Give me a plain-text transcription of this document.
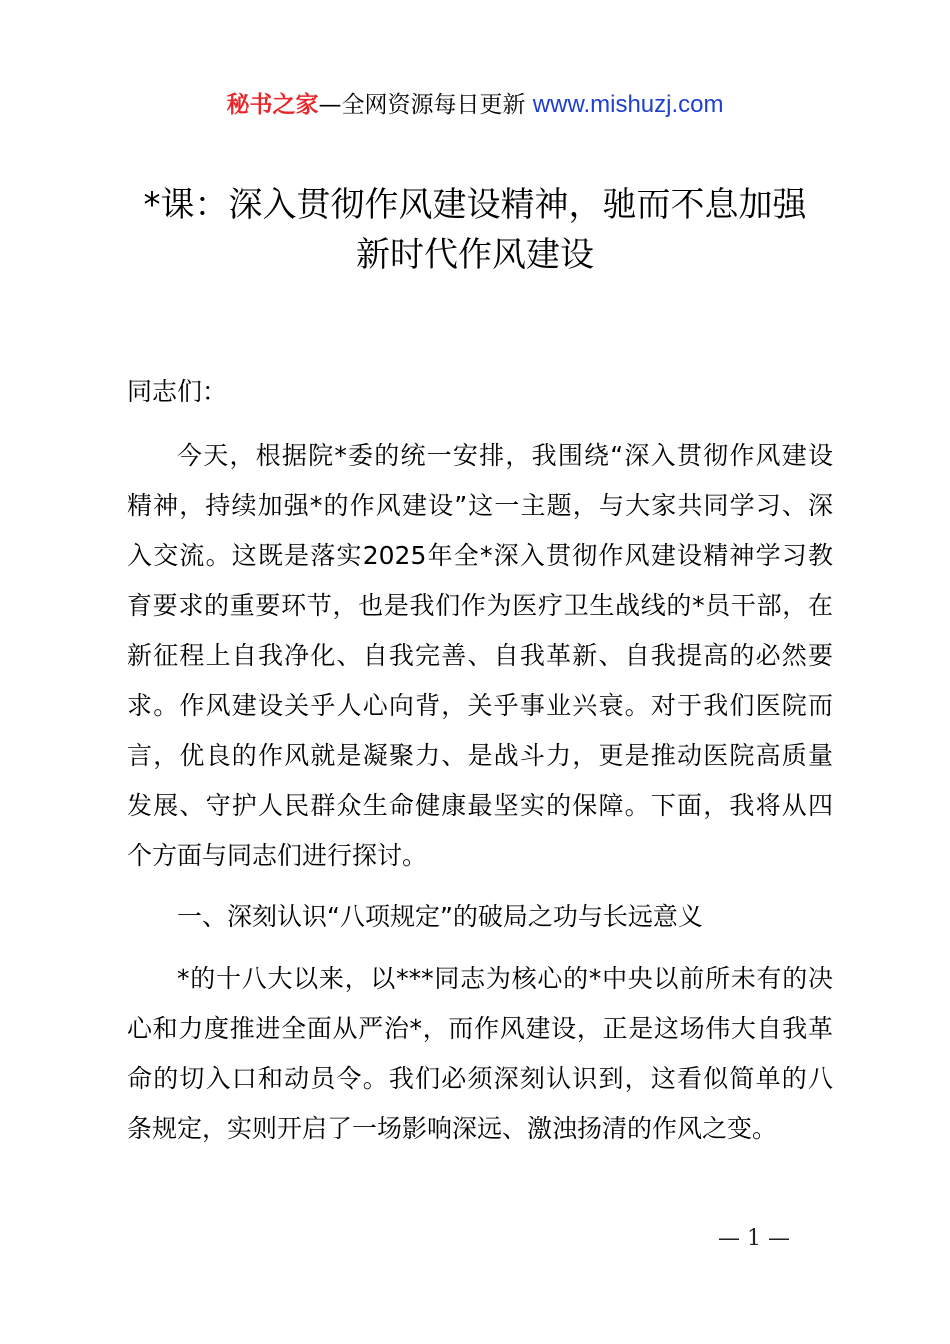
秘书之家—全网资源每日更新 www.mishuzj.com
*课：深入贯彻作风建设精神，驰而不息加强
新时代作风建设
同志们：
今天，根据院*委的统一安排，我围绕“深入贯彻作风建设
精神，持续加强*的作风建设”这一主题，与大家共同学习、深
入交流。这既是落实2025年全*深入贯彻作风建设精神学习教
育要求的重要环节，也是我们作为医疗卫生战线的*员干部，在
新征程上自我净化、自我完善、自我革新、自我提高的必然要
求。作风建设关乎人心向背，关乎事业兴衰。对于我们医院而
言，优良的作风就是凝聚力、是战斗力，更是推动医院高质量
发展、守护人民群众生命健康最坚实的保障。下面，我将从四
个方面与同志们进行探讨。
一、深刻认识“八项规定”的破局之功与长远意义
*的十八大以来，以***同志为核心的*中央以前所未有的决
心和力度推进全面从严治*，而作风建设，正是这场伟大自我革
命的切入口和动员令。我们必须深刻认识到，这看似简单的八
条规定，实则开启了一场影响深远、激浊扬清的作风之变。
— 1 —
